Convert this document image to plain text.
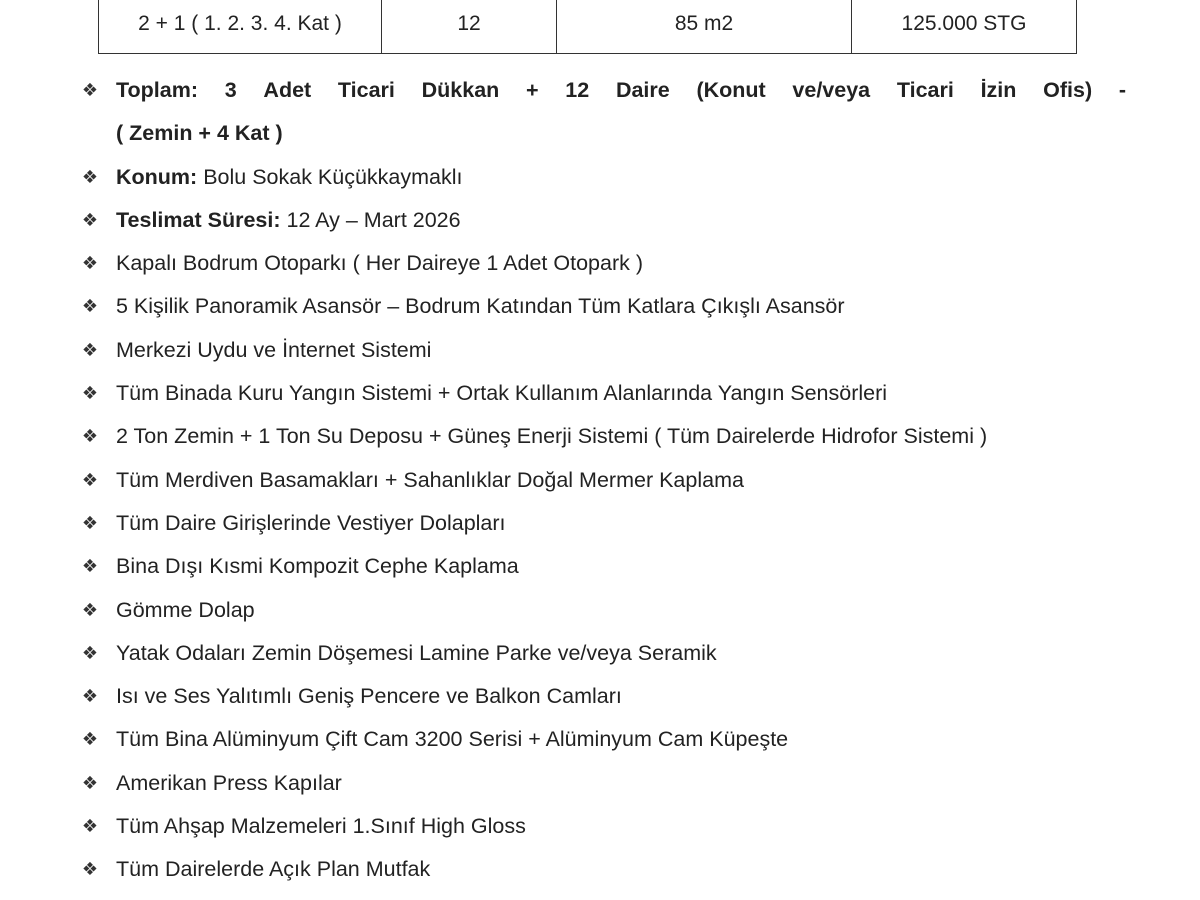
2 + 1 ( 1. 2. 3. 4. Kat )	12	85 m2	125.000 STG
❖ Toplam: 3 Adet Ticari Dükkan + 12 Daire (Konut ve/veya Ticari İzin Ofis) -
( Zemin + 4 Kat )
❖ Konum: Bolu Sokak Küçükkaymaklı
❖ Teslimat Süresi: 12 Ay – Mart 2026
❖ Kapalı Bodrum Otoparkı ( Her Daireye 1 Adet Otopark )
❖ 5 Kişilik Panoramik Asansör – Bodrum Katından Tüm Katlara Çıkışlı Asansör
❖ Merkezi Uydu ve İnternet Sistemi
❖ Tüm Binada Kuru Yangın Sistemi + Ortak Kullanım Alanlarında Yangın Sensörleri
❖ 2 Ton Zemin + 1 Ton Su Deposu + Güneş Enerji Sistemi ( Tüm Dairelerde Hidrofor Sistemi )
❖ Tüm Merdiven Basamakları + Sahanlıklar Doğal Mermer Kaplama
❖ Tüm Daire Girişlerinde Vestiyer Dolapları
❖ Bina Dışı Kısmi Kompozit Cephe Kaplama
❖ Gömme Dolap
❖ Yatak Odaları Zemin Döşemesi Lamine Parke ve/veya Seramik
❖ Isı ve Ses Yalıtımlı Geniş Pencere ve Balkon Camları
❖ Tüm Bina Alüminyum Çift Cam 3200 Serisi + Alüminyum Cam Küpeşte
❖ Amerikan Press Kapılar
❖ Tüm Ahşap Malzemeleri 1.Sınıf High Gloss
❖ Tüm Dairelerde Açık Plan Mutfak
